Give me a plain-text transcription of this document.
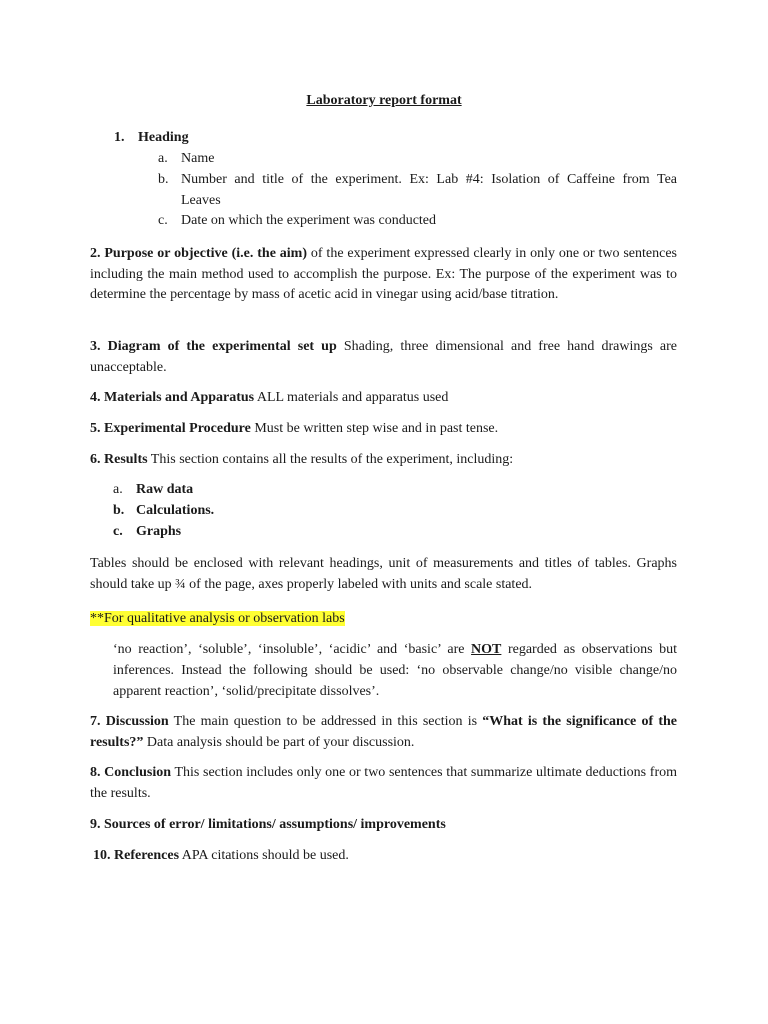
Laboratory report format
1. Heading
a. Name
b. Number and title of the experiment. Ex: Lab #4: Isolation of Caffeine from Tea
Leaves
c. Date on which the experiment was conducted
2. Purpose or objective (i.e. the aim) of the experiment expressed clearly in only one or two sentences including the main method used to accomplish the purpose. Ex: The purpose of the experiment was to determine the percentage by mass of acetic acid in vinegar using acid/base titration.
3. Diagram of the experimental set up Shading, three dimensional and free hand drawings are unacceptable.
4. Materials and Apparatus ALL materials and apparatus used
5. Experimental Procedure Must be written step wise and in past tense.
6. Results This section contains all the results of the experiment, including:
a. Raw data
b. Calculations.
c. Graphs
Tables should be enclosed with relevant headings, unit of measurements and titles of tables. Graphs should take up ¾ of the page, axes properly labeled with units and scale stated.
**For qualitative analysis or observation labs
‘no reaction’, ‘soluble’, ‘insoluble’, ‘acidic’ and ‘basic’ are NOT regarded as observations but inferences. Instead the following should be used: ‘no observable change/no visible change/no apparent reaction’, ‘solid/precipitate dissolves’.
7. Discussion The main question to be addressed in this section is “What is the significance of the results?” Data analysis should be part of your discussion.
8. Conclusion This section includes only one or two sentences that summarize ultimate deductions from the results.
9. Sources of error/ limitations/ assumptions/ improvements
10. References APA citations should be used.
